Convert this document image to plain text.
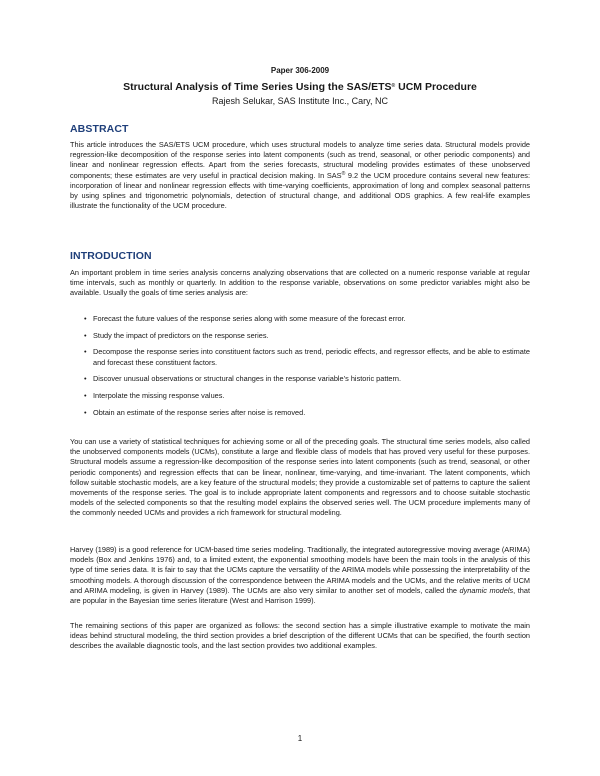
Paper 306-2009
Structural Analysis of Time Series Using the SAS/ETS® UCM Procedure
Rajesh Selukar, SAS Institute Inc., Cary, NC
ABSTRACT

This article introduces the SAS/ETS UCM procedure, which uses structural models to analyze time series data. Structural models provide regression-like decomposition of the response series into latent components (such as trend, seasonal, or other periodic components) and linear and nonlinear regression effects. Apart from the series forecasts, structural modeling provides estimates of these unobserved components; these estimates are very useful in practical decision making. In SAS® 9.2 the UCM procedure contains several new features: incorporation of linear and nonlinear regression effects with time-varying coefficients, approximation of long and complex seasonal patterns by using splines and trigonometric polynomials, detection of structural change, and additional ODS graphics. A few real-life examples illustrate the functionality of the UCM procedure.

INTRODUCTION

An important problem in time series analysis concerns analyzing observations that are collected on a numeric response variable at regular time intervals, such as monthly or quarterly. In addition to the response variable, observations on some predictor variables might also be available. Usually the goals of time series analysis are:

• Forecast the future values of the response series along with some measure of the forecast error.
• Study the impact of predictors on the response series.
• Decompose the response series into constituent factors such as trend, periodic effects, and regressor effects, and be able to estimate and forecast these constituent factors.
• Discover unusual observations or structural changes in the response variable’s historic pattern.
• Interpolate the missing response values.
• Obtain an estimate of the response series after noise is removed.

You can use a variety of statistical techniques for achieving some or all of the preceding goals. The structural time series models, also called the unobserved components models (UCMs), constitute a large and flexible class of models that has proved very useful for these purposes. Structural models assume a regression-like decomposition of the response series into latent components (such as trend, seasonal, or other periodic components) and regression effects that can be linear, nonlinear, time-varying, and time-invariant. The latent components, which follow suitable stochastic models, are a key feature of the structural models; they provide a customizable set of patterns to capture the salient movements of the response series. The goal is to include appropriate latent components and regressors and to choose suitable stochastic models of the selected components so that the resulting model explains the observed series well. The UCM procedure implements many of the commonly needed UCMs and provides a rich framework for structural modeling.

Harvey (1989) is a good reference for UCM-based time series modeling. Traditionally, the integrated autoregressive moving average (ARIMA) models (Box and Jenkins 1976) and, to a limited extent, the exponential smoothing models have been the main tools in the analysis of this type of time series data. It is fair to say that the UCMs capture the versatility of the ARIMA models while possessing the interpretability of the smoothing models. A thorough discussion of the correspondence between the ARIMA models and the UCMs, and the relative merits of UCM and ARIMA modeling, is given in Harvey (1989). The UCMs are also very similar to another set of models, called the dynamic models, that are popular in the Bayesian time series literature (West and Harrison 1999).

The remaining sections of this paper are organized as follows: the second section has a simple illustrative example to motivate the main ideas behind structural modeling, the third section provides a brief description of the different UCMs that can be specified, the fourth section describes the available diagnostic tools, and the last section provides two additional examples.

1
